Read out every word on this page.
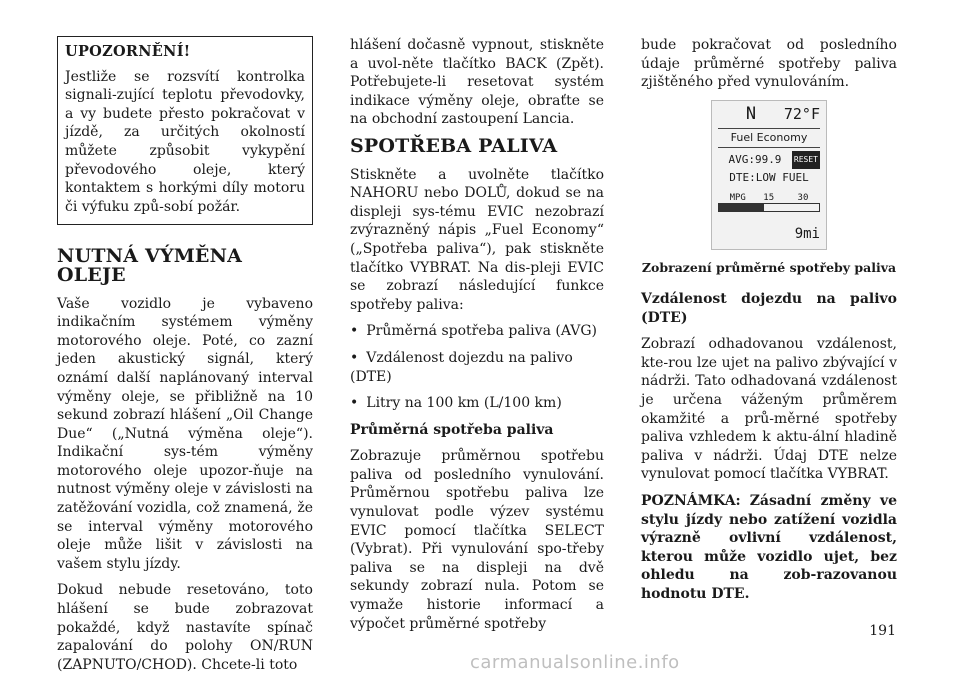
UPOZORNĚNÍ!

Jestliže se rozsvítí kontrolka signali-zující teplotu převodovky, a vy budete přesto pokračovat v jízdě, za určitých okolností můžete způsobit vykypění převodového oleje, který kontaktem s horkými díly motoru či výfuku způ-sobí požár.

NUTNÁ VÝMĚNA OLEJE

Vaše vozidlo je vybaveno indikačním systémem výměny motorového oleje. Poté, co zazní jeden akustický signál, který oznámí další naplánovaný interval výměny oleje, se přibližně na 10 sekund zobrazí hlášení „Oil Change Due“ („Nutná výměna oleje“). Indikační sys-tém výměny motorového oleje upozor-ňuje na nutnost výměny oleje v závislosti na zatěžování vozidla, což znamená, že se interval výměny motorového oleje může lišit v závislosti na vašem stylu jízdy.

Dokud nebude resetováno, toto hlášení se bude zobrazovat pokaždé, když nastavíte spínač zapalování do polohy ON/RUN (ZAPNUTO/CHOD). Chcete-li toto

hlášení dočasně vypnout, stiskněte a uvol-něte tlačítko BACK (Zpět). Potřebujete-li resetovat systém indikace výměny oleje, obraťte se na obchodní zastoupení Lancia.

SPOTŘEBA PALIVA

Stiskněte a uvolněte tlačítko NAHORU nebo DOLŮ, dokud se na displeji sys-tému EVIC nezobrazí zvýrazněný nápis „Fuel Economy“ („Spotřeba paliva“), pak stiskněte tlačítko VYBRAT. Na dis-pleji EVIC se zobrazí následující funkce spotřeby paliva:

• Průměrná spotřeba paliva (AVG)
• Vzdálenost dojezdu na palivo (DTE)
• Litry na 100 km (L/100 km)

Průměrná spotřeba paliva

Zobrazuje průměrnou spotřebu paliva od posledního vynulování. Průměrnou spotřebu paliva lze vynulovat podle výzev systému EVIC pomocí tlačítka SELECT (Vybrat). Při vynulování spo-třeby paliva se na displeji na dvě sekundy zobrazí nula. Potom se vymaže historie informací a výpočet průměrné spotřeby

bude pokračovat od posledního údaje průměrné spotřeby paliva zjištěného před vynulováním.

N 72°F
Fuel Economy
AVG:99.9 RESET
DTE:LOW FUEL
MPG 15	30
9mi
Zobrazení průměrné spotřeby paliva

Vzdálenost dojezdu na palivo (DTE)

Zobrazí odhadovanou vzdálenost, kte-rou lze ujet na palivo zbývající v nádrži. Tato odhadovaná vzdálenost je určena váženým průměrem okamžité a prů-měrné spotřeby paliva vzhledem k aktu-ální hladině paliva v nádrži. Údaj DTE nelze vynulovat pomocí tlačítka VYBRAT.

POZNÁMKA: Zásadní změny ve stylu jízdy nebo zatížení vozidla výrazně ovlivní vzdálenost, kterou může vozidlo ujet, bez ohledu na zob-razovanou hodnotu DTE.

191
carmanualsonline.info
